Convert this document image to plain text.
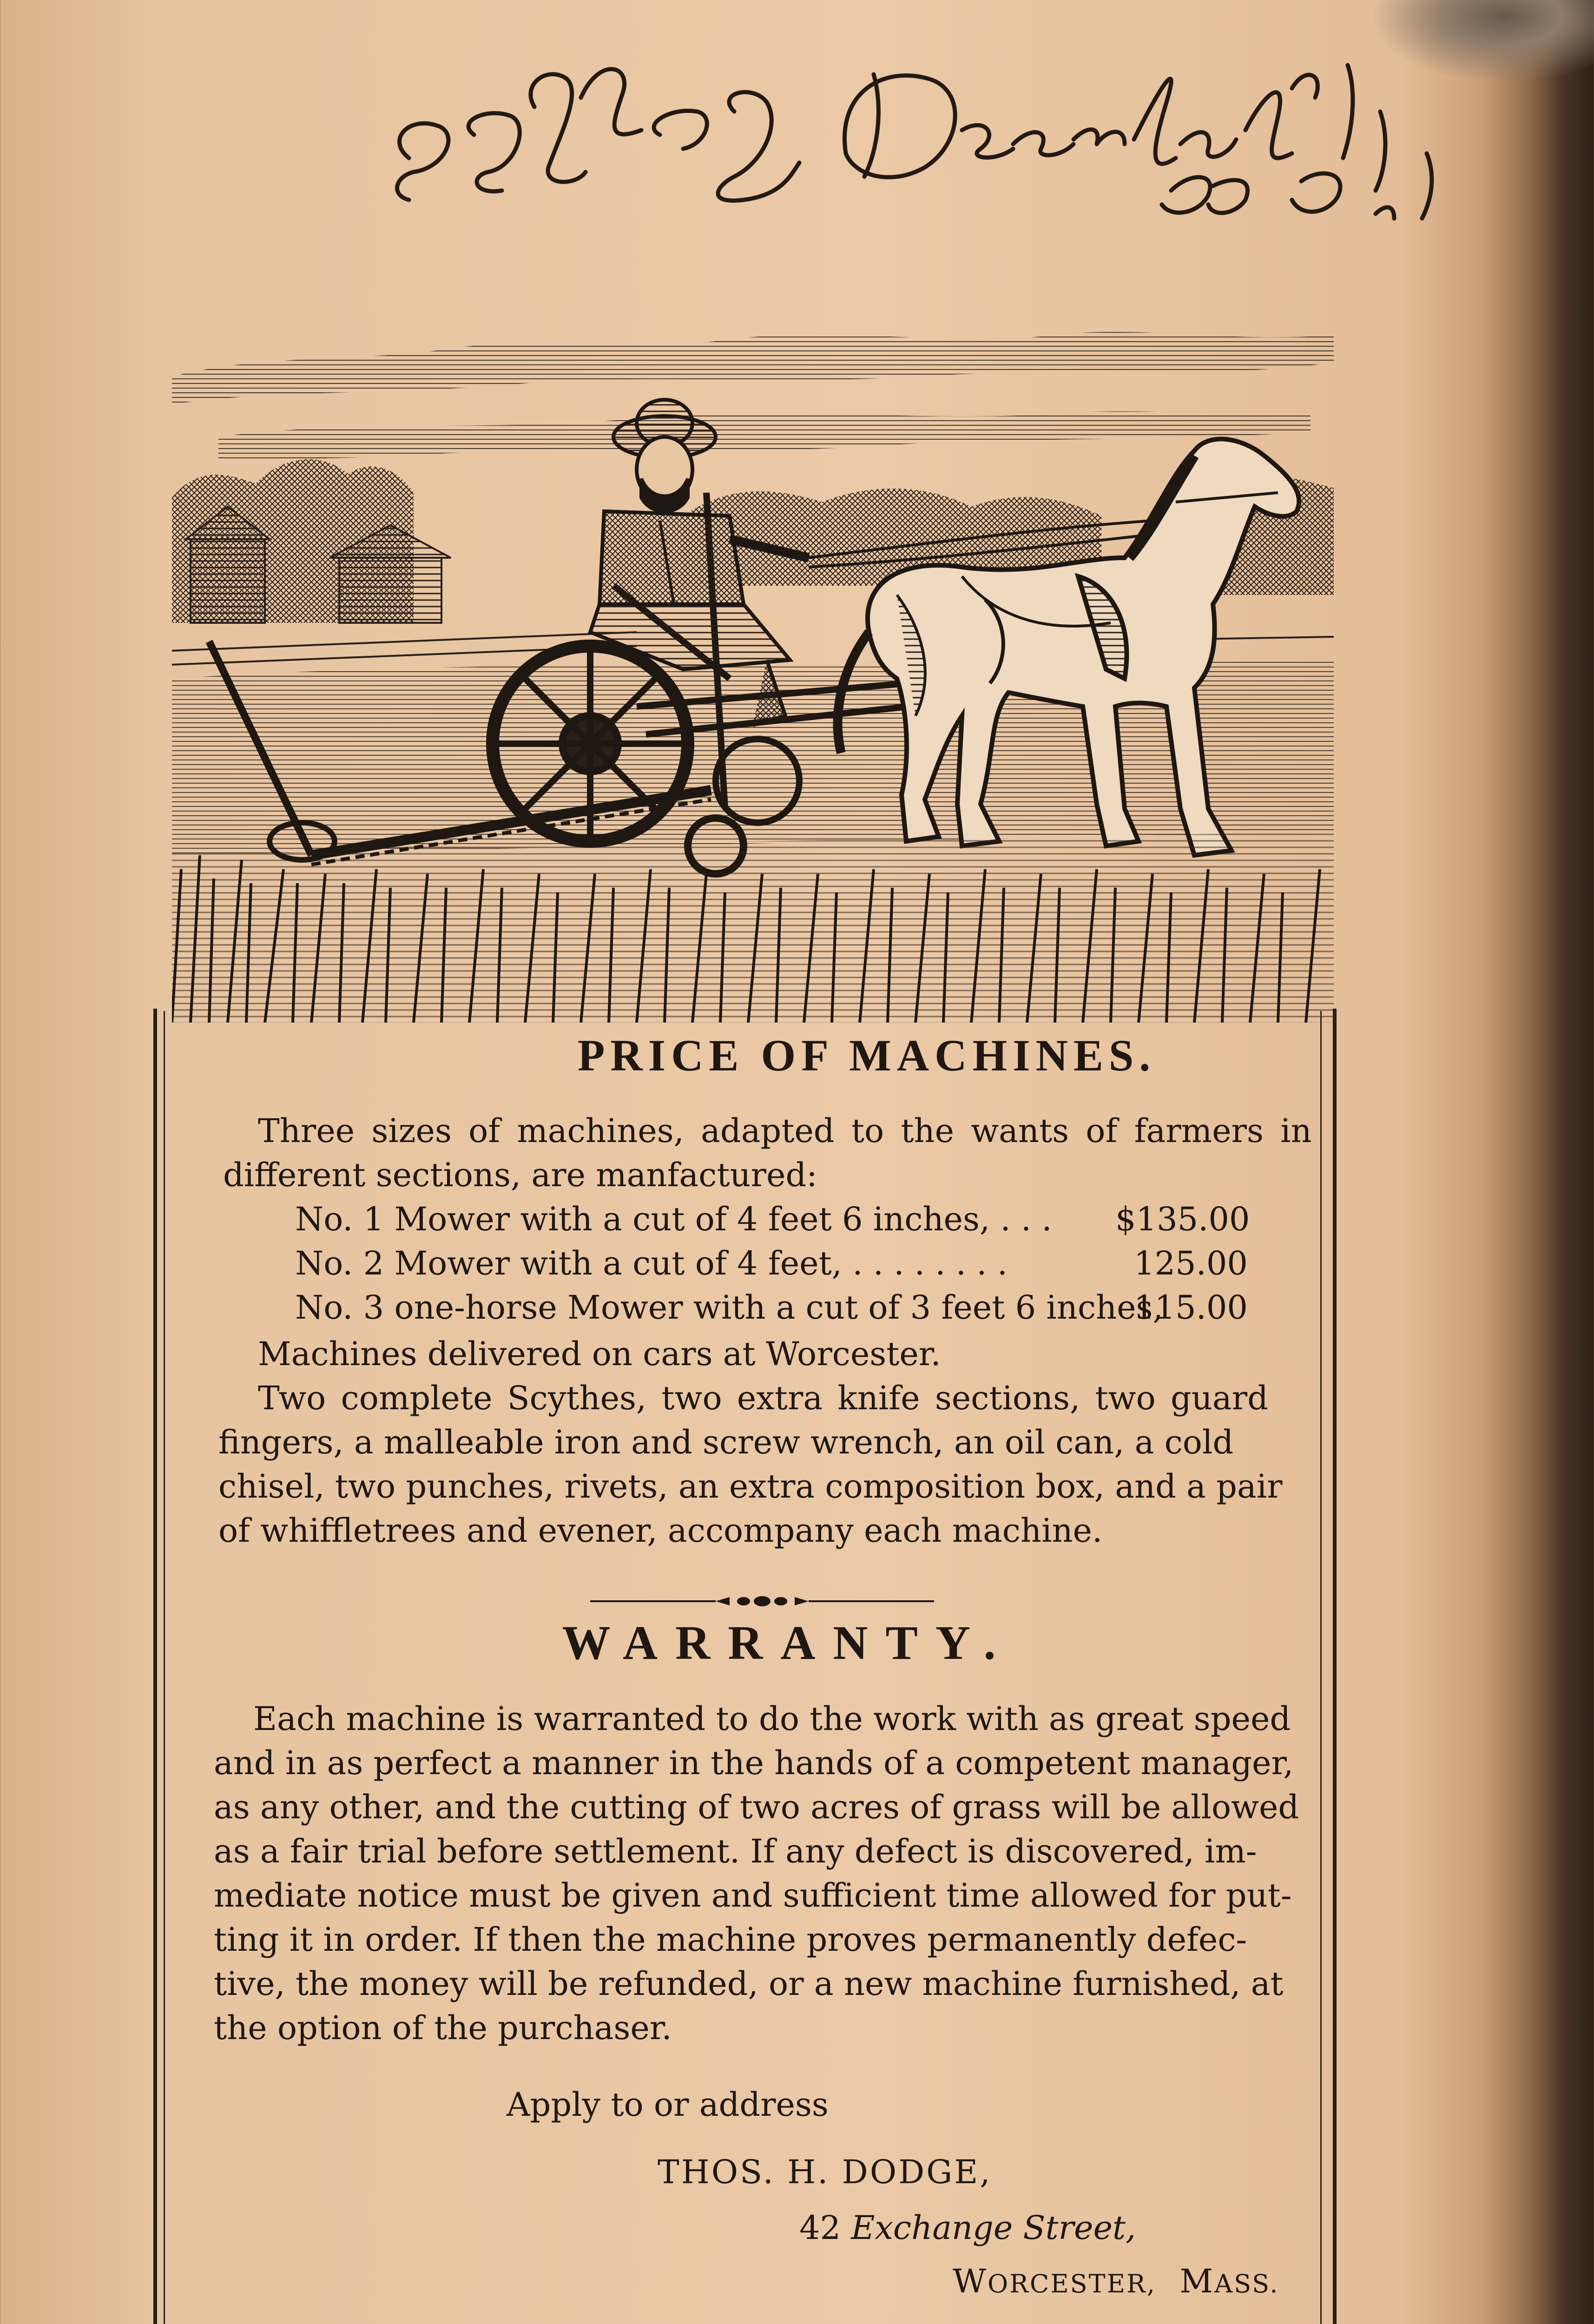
PRICE OF MACHINES.
Three sizes of machines, adapted to the wants of farmers in
different sections, are manfactured:
No. 1 Mower with a cut of 4 feet 6 inches, . . . $135.00
No. 2 Mower with a cut of 4 feet, . . . . . . . .	125.00
No. 3 one-horse Mower with a cut of 3 feet 6 inches,
115.00
Machines delivered on cars at Worcester.
Two complete Scythes, two extra knife sections, two guard
fingers, a malleable iron and screw wrench, an oil can, a cold
chisel, two punches, rivets, an extra composition box, and a pair
of whiffletrees and evener, accompany each machine.
WARRANTY.
Each machine is warranted to do the work with as great speed
and in as perfect a manner in the hands of a competent manager,
as any other, and the cutting of two acres of grass will be allowed
as a fair trial before settlement. If any defect is discovered, im-
mediate notice must be given and sufficient time allowed for put-
ting it in order. If then the machine proves permanently defec-
tive, the money will be refunded, or a new machine furnished, at
the option of the purchaser.
Apply to or address
THOS. H. DODGE,
42 Exchange Street,
WORCESTER, MASS.
